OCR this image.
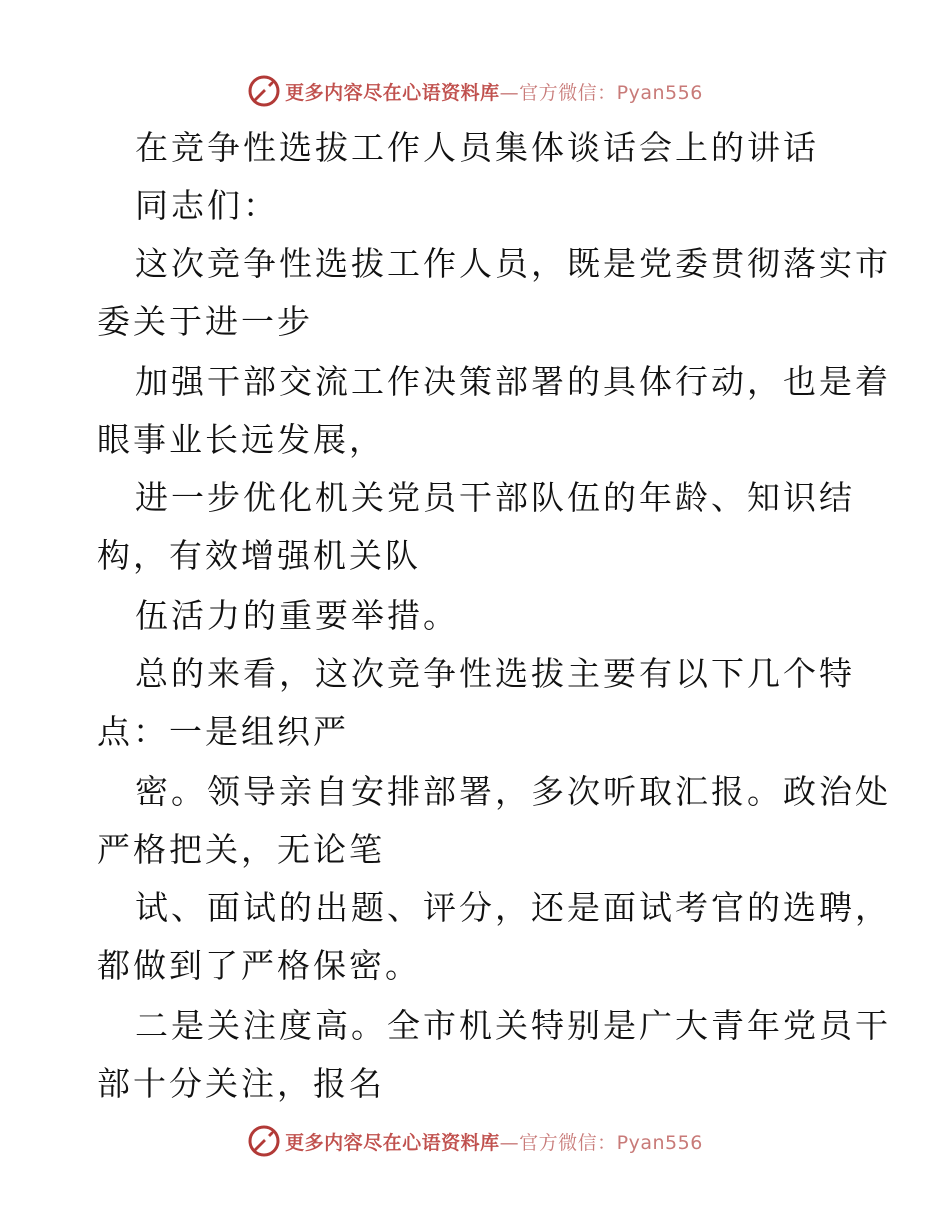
更多内容尽在心语资料库—官方微信：Pyan556
在竞争性选拔工作人员集体谈话会上的讲话
同志们：
这次竞争性选拔工作人员，既是党委贯彻落实市
委关于进一步
加强干部交流工作决策部署的具体行动，也是着
眼事业长远发展，
进一步优化机关党员干部队伍的年龄、知识结
构，有效增强机关队
伍活力的重要举措。
总的来看，这次竞争性选拔主要有以下几个特
点：一是组织严
密。领导亲自安排部署，多次听取汇报。政治处
严格把关，无论笔
试、面试的出题、评分，还是面试考官的选聘，
都做到了严格保密。
二是关注度高。全市机关特别是广大青年党员干
部十分关注，报名
更多内容尽在心语资料库—官方微信：Pyan556
